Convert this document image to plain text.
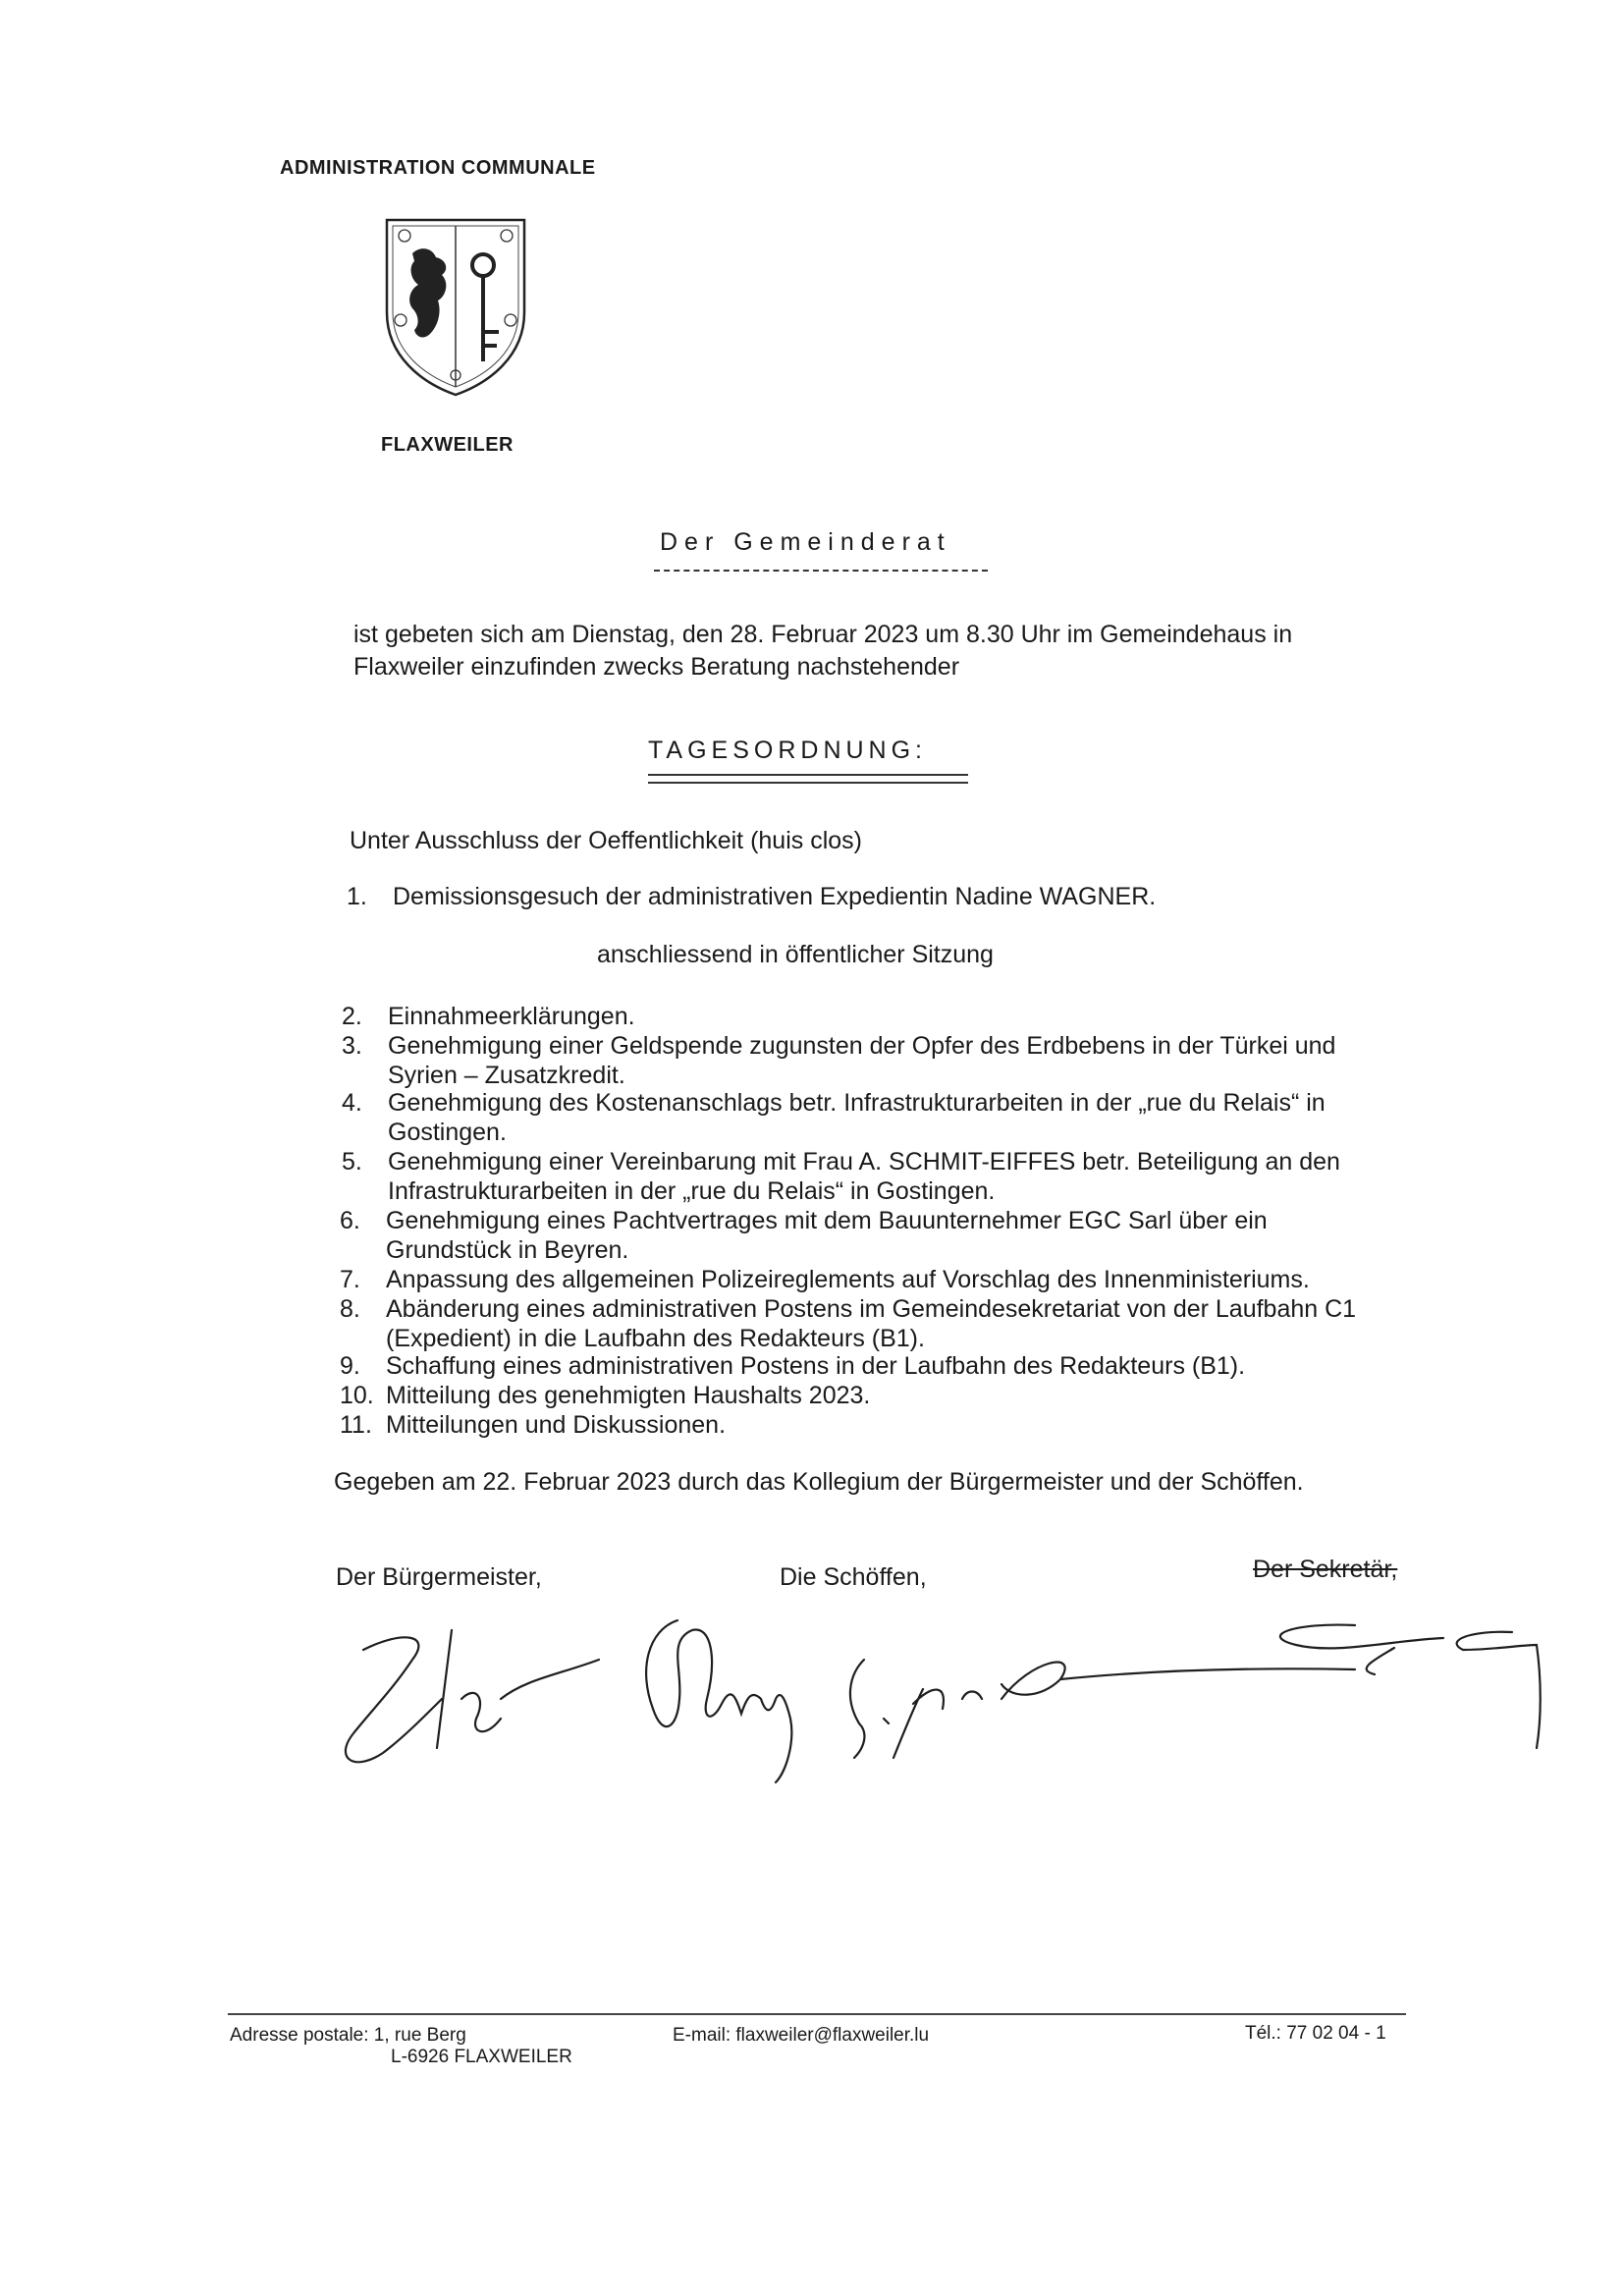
ADMINISTRATION COMMUNALE
FLAXWEILER
Der Gemeinderat
ist gebeten sich am Dienstag, den 28. Februar 2023 um 8.30 Uhr im Gemeindehaus in Flaxweiler einzufinden zwecks Beratung nachstehender
TAGESORDNUNG:
Unter Ausschluss der Oeffentlichkeit (huis clos)
1.	Demissionsgesuch der administrativen Expedientin Nadine WAGNER.
anschliessend in öffentlicher Sitzung
2.	Einnahmeerklärungen.
3.	Genehmigung einer Geldspende zugunsten der Opfer des Erdbebens in der Türkei und Syrien – Zusatzkredit.
4.	Genehmigung des Kostenanschlags betr. Infrastrukturarbeiten in der „rue du Relais“ in Gostingen.
5.	Genehmigung einer Vereinbarung mit Frau A. SCHMIT-EIFFES betr. Beteiligung an den Infrastrukturarbeiten in der „rue du Relais“ in Gostingen.
6.	Genehmigung eines Pachtvertrages mit dem Bauunternehmer EGC Sarl über ein Grundstück in Beyren.
7.	Anpassung des allgemeinen Polizeireglements auf Vorschlag des Innenministeriums.
8.	Abänderung eines administrativen Postens im Gemeindesekretariat von der Laufbahn C1 (Expedient) in die Laufbahn des Redakteurs (B1).
9.	Schaffung eines administrativen Postens in der Laufbahn des Redakteurs (B1).
10. Mitteilung des genehmigten Haushalts 2023.
11. Mitteilungen und Diskussionen.
Gegeben am 22. Februar 2023 durch das Kollegium der Bürgermeister und der Schöffen.
Der Bürgermeister,	Die Schöffen,	Der Sekretär,
Adresse postale: 1, rue Berg
L-6926 FLAXWEILER
E-mail: flaxweiler@flaxweiler.lu	Tél.: 77 02 04 - 1
